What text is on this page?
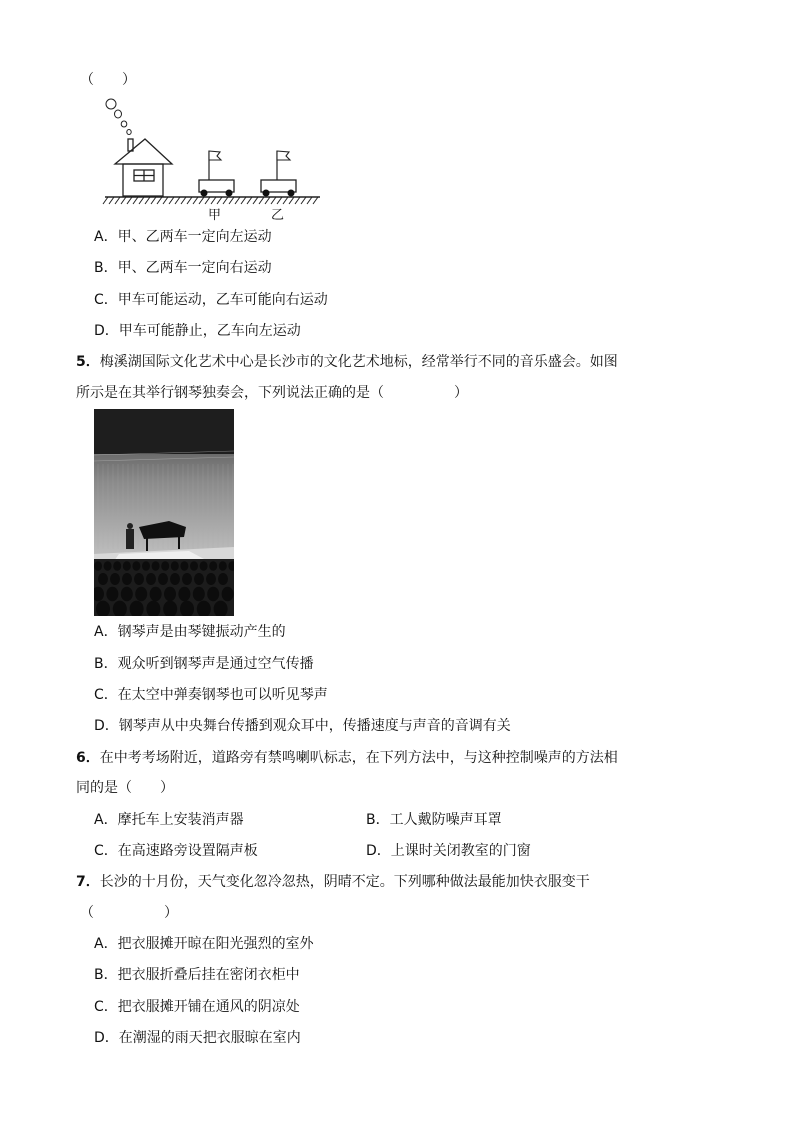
（　　）
甲	乙
A．甲、乙两车一定向左运动
B．甲、乙两车一定向右运动
C．甲车可能运动，乙车可能向右运动
D．甲车可能静止，乙车向左运动
5．梅溪湖国际文化艺术中心是长沙市的文化艺术地标，经常举行不同的音乐盛会。如图
所示是在其举行钢琴独奏会，下列说法正确的是（　　　　　）
A．钢琴声是由琴键振动产生的
B．观众听到钢琴声是通过空气传播
C．在太空中弹奏钢琴也可以听见琴声
D．钢琴声从中央舞台传播到观众耳中，传播速度与声音的音调有关
6．在中考考场附近，道路旁有禁鸣喇叭标志，在下列方法中，与这种控制噪声的方法相
同的是（　　）
A．摩托车上安装消声器	B．工人戴防噪声耳罩
C．在高速路旁设置隔声板	D．上课时关闭教室的门窗
7．长沙的十月份，天气变化忽冷忽热，阴晴不定。下列哪种做法最能加快衣服变干
（　　　　　）
A．把衣服摊开晾在阳光强烈的室外
B．把衣服折叠后挂在密闭衣柜中
C．把衣服摊开铺在通风的阴凉处
D．在潮湿的雨天把衣服晾在室内
